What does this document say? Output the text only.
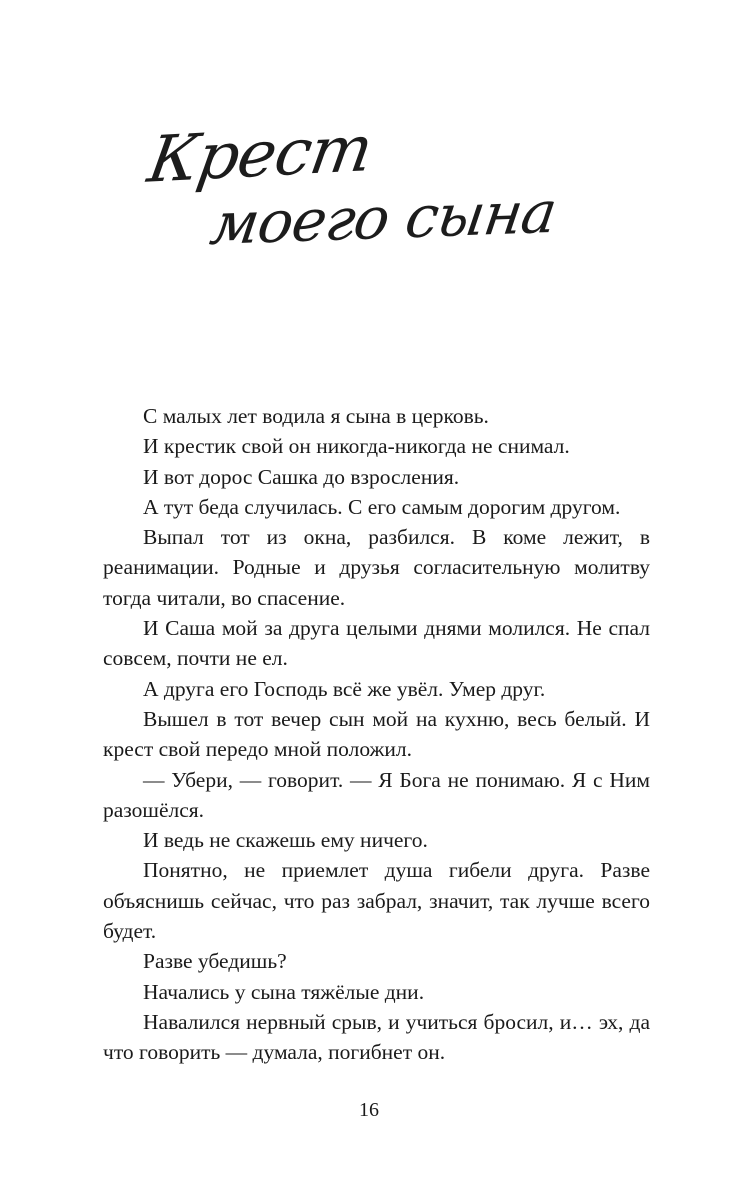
Крест
моего сына

С малых лет водила я сына в церковь.

И крестик свой он никогда-никогда не снимал.

И вот дорос Сашка до взросления.

А тут беда случилась. С его самым дорогим другом.

Выпал тот из окна, разбился. В коме лежит, в реанимации. Родные и друзья согласительную молитву тогда читали, во спасение.

И Саша мой за друга целыми днями молился. Не спал совсем, почти не ел.

А друга его Господь всё же увёл. Умер друг.

Вышел в тот вечер сын мой на кухню, весь белый. И крест свой передо мной положил.

— Убери, — говорит. — Я Бога не понимаю. Я с Ним разошёлся.

И ведь не скажешь ему ничего.

Понятно, не приемлет душа гибели друга. Разве объяснишь сейчас, что раз забрал, значит, так лучше всего будет.

Разве убедишь?

Начались у сына тяжёлые дни.

Навалился нервный срыв, и учиться бросил, и… эх, да что говорить — думала, погибнет он.

16
